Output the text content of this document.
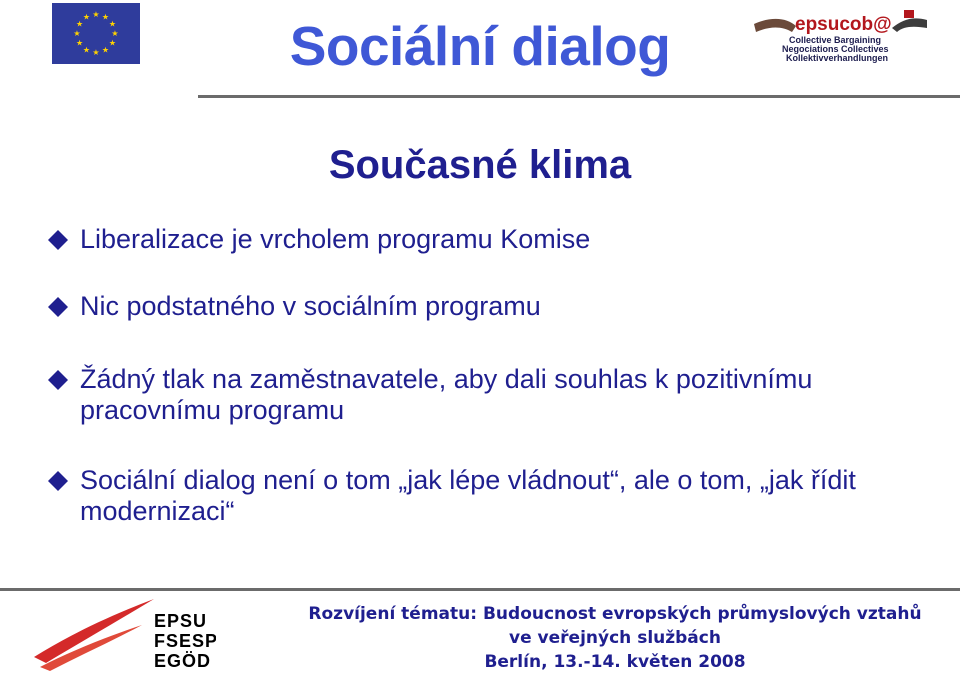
★ ★
★
★
★
★
★
★
★
★
★
★	Sociální dialog	epsucob@
Collective Bargaining
Negociations Collectives
Kollektivverhandlungen
Současné klima
Liberalizace je vrcholem programu Komise
Nic podstatného v sociálním programu
Žádný tlak na zaměstnavatele, aby dali souhlas k pozitivnímu pracovnímu programu
Sociální dialog není o tom „jak lépe vládnout“, ale o tom, „jak řídit modernizaci“
EPSU
FSESP
EGÖD
Rozvíjení tématu: Budoucnost evropských průmyslových vztahů
ve veřejných službách
Berlín, 13.-14. květen 2008
